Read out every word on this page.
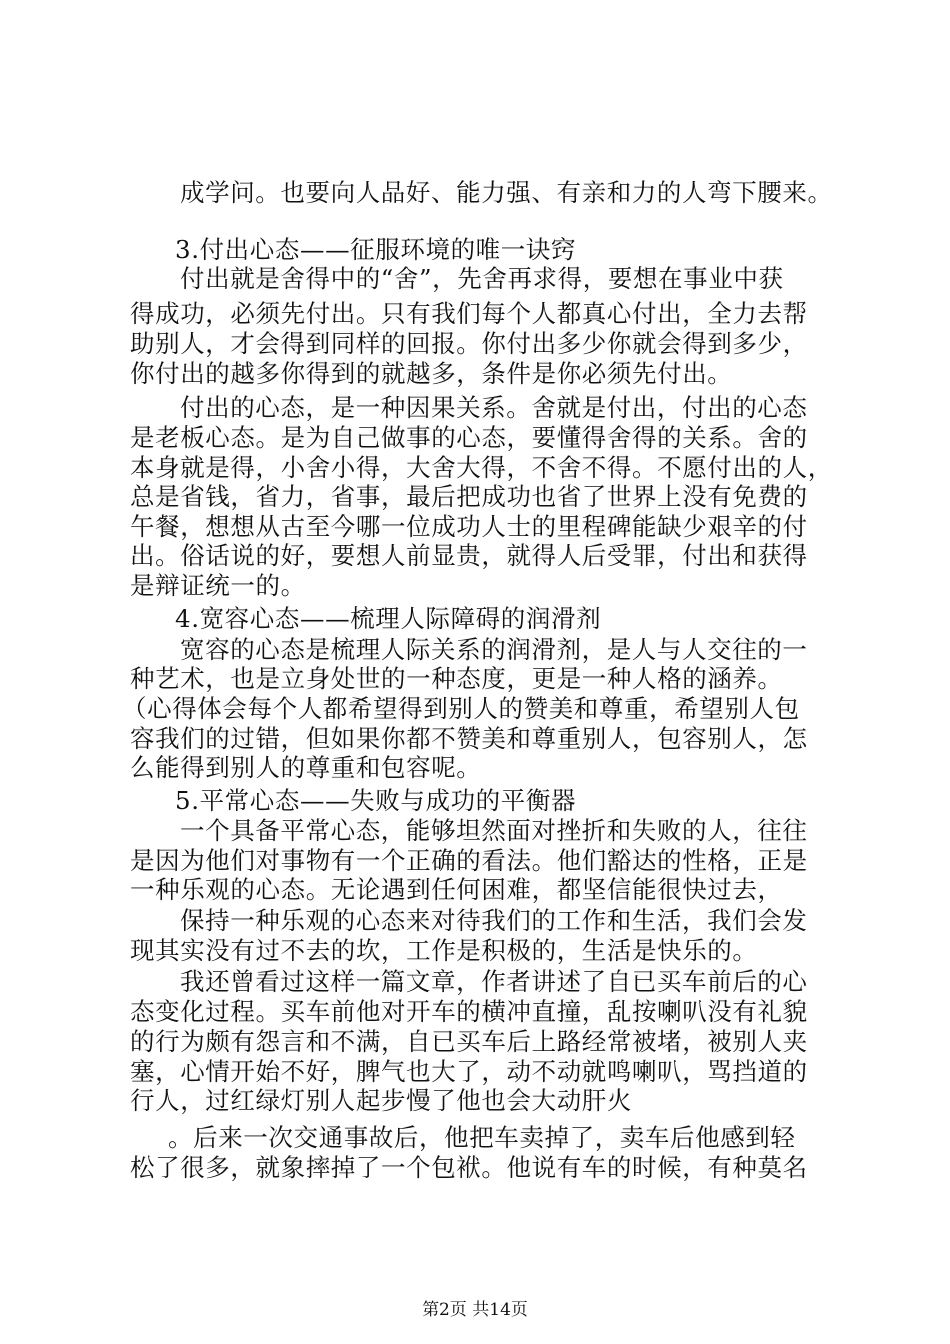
成学问。也要向人品好、能力强、有亲和力的人弯下腰来。
3.付出心态——征服环境的唯一诀窍
付出就是舍得中的“舍”，先舍再求得，要想在事业中获
得成功，必须先付出。只有我们每个人都真心付出，全力去帮
助别人，才会得到同样的回报。你付出多少你就会得到多少，
你付出的越多你得到的就越多，条件是你必须先付出。
付出的心态，是一种因果关系。舍就是付出，付出的心态
是老板心态。是为自己做事的心态，要懂得舍得的关系。舍的
本身就是得，小舍小得，大舍大得，不舍不得。不愿付出的人，
总是省钱，省力，省事，最后把成功也省了世界上没有免费的
午餐，想想从古至今哪一位成功人士的里程碑能缺少艰辛的付
出。俗话说的好，要想人前显贵，就得人后受罪，付出和获得
是辩证统一的。
4.宽容心态——梳理人际障碍的润滑剂
宽容的心态是梳理人际关系的润滑剂，是人与人交往的一
种艺术，也是立身处世的一种态度，更是一种人格的涵养。
（心得体会每个人都希望得到别人的赞美和尊重，希望别人包
容我们的过错，但如果你都不赞美和尊重别人，包容别人，怎
么能得到别人的尊重和包容呢。
5.平常心态——失败与成功的平衡器
一个具备平常心态，能够坦然面对挫折和失败的人，往往
是因为他们对事物有一个正确的看法。他们豁达的性格，正是
一种乐观的心态。无论遇到任何困难，都坚信能很快过去，
保持一种乐观的心态来对待我们的工作和生活，我们会发
现其实没有过不去的坎，工作是积极的，生活是快乐的。
我还曾看过这样一篇文章，作者讲述了自已买车前后的心
态变化过程。买车前他对开车的横冲直撞，乱按喇叭没有礼貌
的行为颇有怨言和不满，自已买车后上路经常被堵，被别人夹
塞，心情开始不好，脾气也大了，动不动就鸣喇叭，骂挡道的
行人，过红绿灯别人起步慢了他也会大动肝火
。后来一次交通事故后，他把车卖掉了，卖车后他感到轻
松了很多，就象摔掉了一个包袱。他说有车的时候，有种莫名
第2页 共14页
